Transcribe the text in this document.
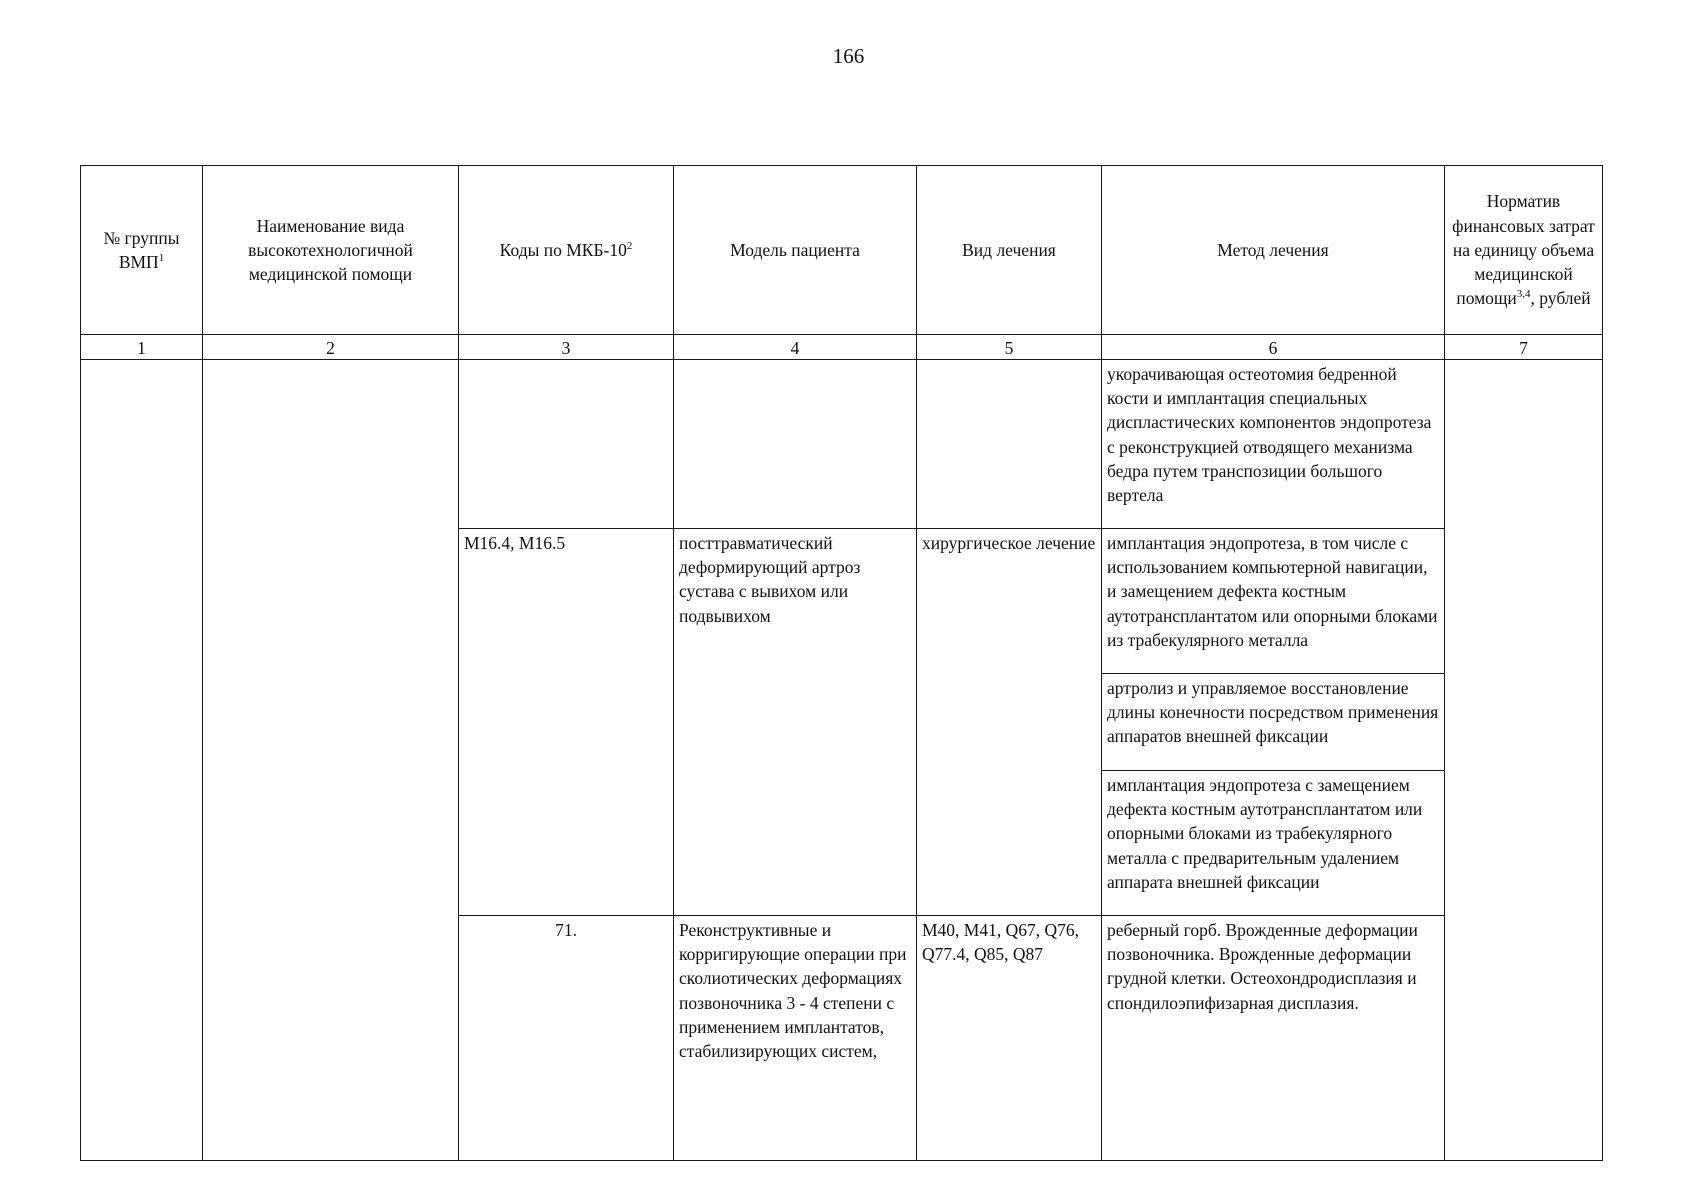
166
№ группы ВМП$^1$	Наименование вида высокотехнологичной медицинской помощи	Коды по МКБ-$10^2$	Модель пациента	Вид лечения	Метод лечения	Норматив финансовых затрат на единицу объема медицинской помощи$^{3,4}$, рублей	
1	2	3	4	5	6	7	
					укорачивающая остеотомия бедренной кости и имплантация специальных диспластических компонентов эндопротеза с реконструкцией отводящего механизма бедра путем транспозиции большого вертела		
		M16.4, M16.5	посттравматический деформирующий артроз сустава с вывихом или подвывихом	хирургическое лечение	имплантация эндопротеза, в том числе с использованием компьютерной навигации, и замещением дефекта костным аутотрансплантатом или опорными блоками из трабекулярного металла		
					артролиз и управляемое восстановление длины конечности посредством применения аппаратов внешней фиксации		
					имплантация эндопротеза с замещением дефекта костным аутотрансплантатом или опорными блоками из трабекулярного металла с предварительным удалением аппарата внешней фиксации		
		71.	Реконструктивные и корригирующие операции при сколиотических деформациях позвоночника 3 - 4 степени с применением имплантатов, стабилизирующих систем,	M40, M41, Q67, Q76, Q77.4, Q85, Q87	реберный горб. Врожденные деформации позвоночника. Врожденные деформации грудной клетки. Остеохондродисплазия и спондилоэпифизарная дисплазия.			
